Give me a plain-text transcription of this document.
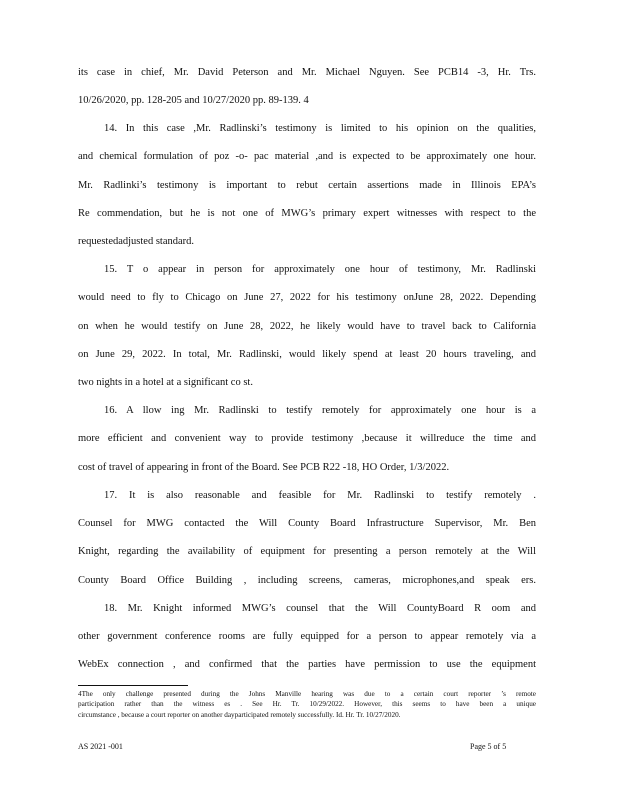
its case in chief, Mr. David Peterson and Mr. Michael Nguyen. See PCB14 -3, Hr. Trs.
10/26/2020, pp. 128-205 and 10/27/2020 pp. 89-139. 4
14. In this case ,Mr. Radlinski’s testimony is limited to his opinion on the qualities,
and chemical formulation of poz -o- pac material ,and is expected to be approximately one hour.
Mr. Radlinki’s testimony is important to rebut certain assertions made in Illinois EPA’s
Re commendation, but he is not one of MWG’s primary expert witnesses with respect to the
requestedadjusted standard.
15. T o appear in person for approximately one hour of testimony, Mr. Radlinski
would need to fly to Chicago on June 27, 2022 for his testimony onJune 28, 2022. Depending
on when he would testify on June 28, 2022, he likely would have to travel back to California
on June 29, 2022. In total, Mr. Radlinski, would likely spend at least 20 hours traveling, and
two nights in a hotel at a significant co st.
16. A llow ing Mr. Radlinski to testify remotely for approximately one hour is a
more efficient and convenient way to provide testimony ,because it willreduce the time and
cost of travel of appearing in front of the Board. See PCB R22 -18, HO Order, 1/3/2022.
17. It is also reasonable and feasible for Mr. Radlinski to testify remotely .
Counsel for MWG contacted the Will County Board Infrastructure Supervisor, Mr. Ben
Knight, regarding the availability of equipment for presenting a person remotely at the Will
County Board Office Building , including screens, cameras, microphones,and speak ers.
18. Mr. Knight informed MWG’s counsel that the Will CountyBoard R oom and
other government conference rooms are fully equipped for a person to appear remotely via a
WebEx connection , and confirmed that the parties have permission to use the equipment
4The only challenge presented during the Johns Manville hearing was due to a certain court reporter ’s remote
participation rather than the witness es . See Hr. Tr. 10/29/2022. However, this seems to have been a unique
circumstance , because a court reporter on another dayparticipated remotely successfully. Id. Hr. Tr. 10/27/2020.
AS 2021 -001	Page 5 of 5
